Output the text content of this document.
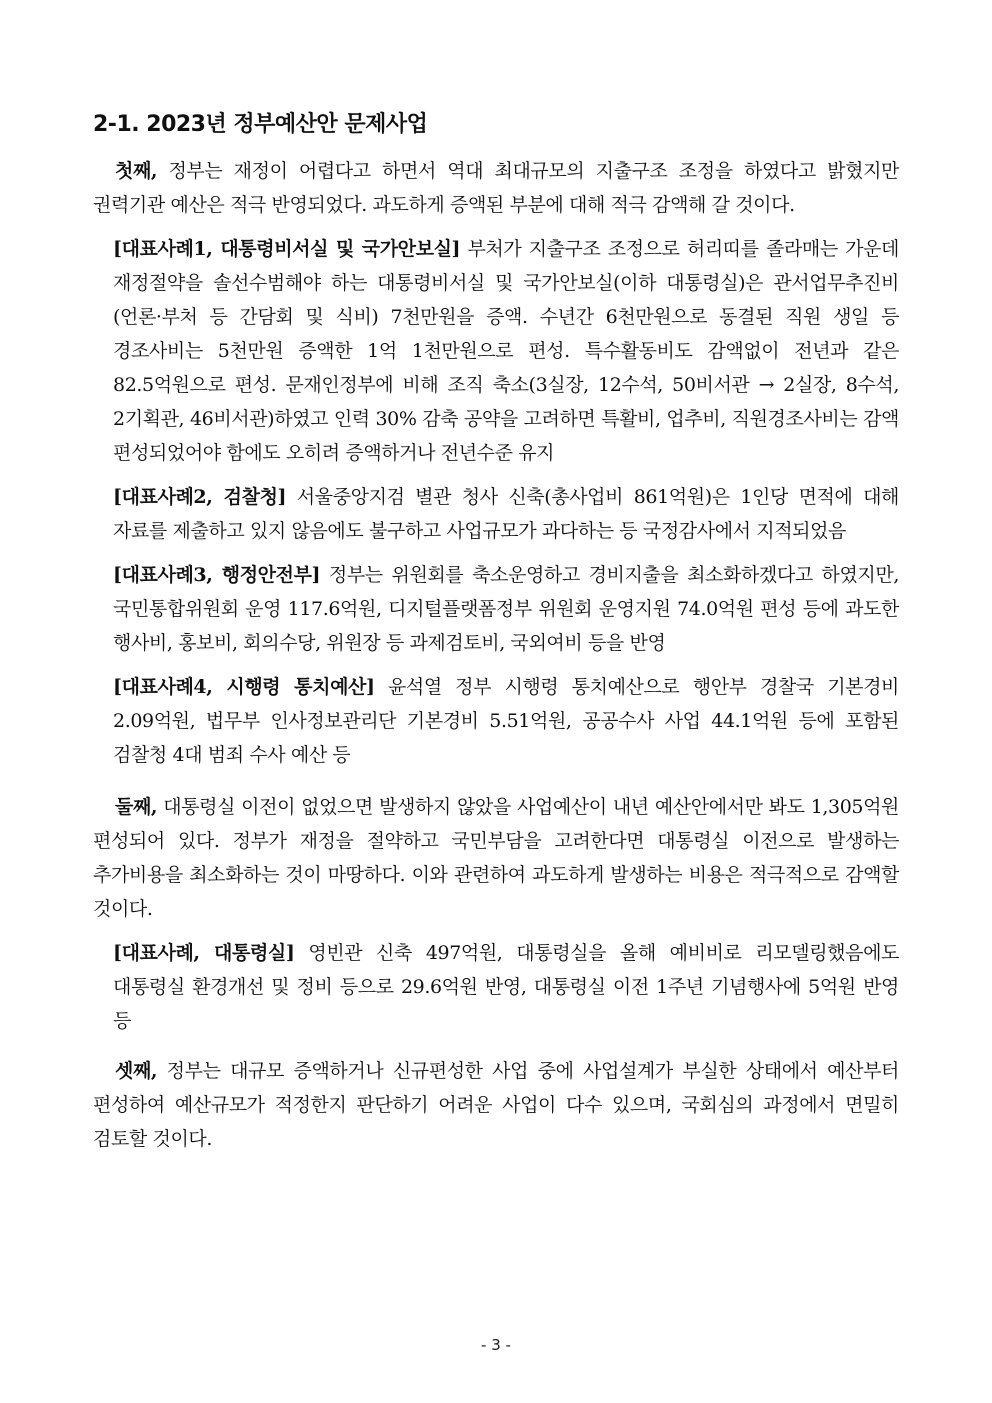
2-1. 2023년 정부예산안 문제사업

첫째, 정부는 재정이 어렵다고 하면서 역대 최대규모의 지출구조 조정을 하였다고 밝혔지만 권력기관 예산은 적극 반영되었다. 과도하게 증액된 부분에 대해 적극 감액해 갈 것이다.

[대표사례1, 대통령비서실 및 국가안보실] 부처가 지출구조 조정으로 허리띠를 졸라매는 가운데 재정절약을 솔선수범해야 하는 대통령비서실 및 국가안보실(이하 대통령실)은 관서업무추진비(언론·부처 등 간담회 및 식비) 7천만원을 증액. 수년간 6천만원으로 동결된 직원 생일 등 경조사비는 5천만원 증액한 1억 1천만원으로 편성. 특수활동비도 감액없이 전년과 같은 82.5억원으로 편성. 문재인정부에 비해 조직 축소(3실장, 12수석, 50비서관 → 2실장, 8수석, 2기획관, 46비서관)하였고 인력 30% 감축 공약을 고려하면 특활비, 업추비, 직원경조사비는 감액 편성되었어야 함에도 오히려 증액하거나 전년수준 유지

[대표사례2, 검찰청] 서울중앙지검 별관 청사 신축(총사업비 861억원)은 1인당 면적에 대해 자료를 제출하고 있지 않음에도 불구하고 사업규모가 과다하는 등 국정감사에서 지적되었음

[대표사례3, 행정안전부] 정부는 위원회를 축소운영하고 경비지출을 최소화하겠다고 하였지만, 국민통합위원회 운영 117.6억원, 디지털플랫폼정부 위원회 운영지원 74.0억원 편성 등에 과도한 행사비, 홍보비, 회의수당, 위원장 등 과제검토비, 국외여비 등을 반영

[대표사례4, 시행령 통치예산] 윤석열 정부 시행령 통치예산으로 행안부 경찰국 기본경비 2.09억원, 법무부 인사정보관리단 기본경비 5.51억원, 공공수사 사업 44.1억원 등에 포함된 검찰청 4대 범죄 수사 예산 등

둘째, 대통령실 이전이 없었으면 발생하지 않았을 사업예산이 내년 예산안에서만 봐도 1,305억원 편성되어 있다. 정부가 재정을 절약하고 국민부담을 고려한다면 대통령실 이전으로 발생하는 추가비용을 최소화하는 것이 마땅하다. 이와 관련하여 과도하게 발생하는 비용은 적극적으로 감액할 것이다.

[대표사례, 대통령실] 영빈관 신축 497억원, 대통령실을 올해 예비비로 리모델링했음에도 대통령실 환경개선 및 정비 등으로 29.6억원 반영, 대통령실 이전 1주년 기념행사에 5억원 반영 등

셋째, 정부는 대규모 증액하거나 신규편성한 사업 중에 사업설계가 부실한 상태에서 예산부터 편성하여 예산규모가 적정한지 판단하기 어려운 사업이 다수 있으며, 국회심의 과정에서 면밀히 검토할 것이다.

- 3 -
